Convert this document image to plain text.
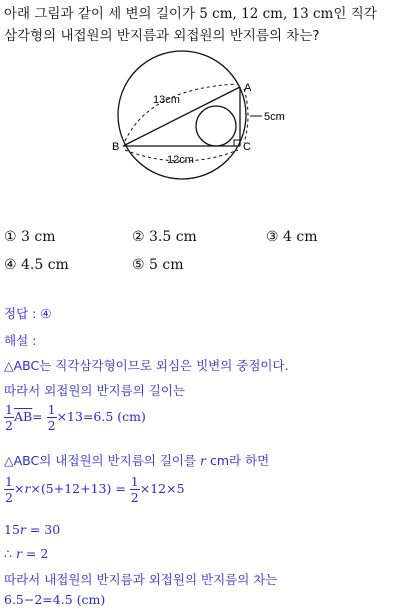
아래 그림과 같이 세 변의 길이가 5 cm, 12 cm, 13 cm인 직각
삼각형의 내접원의 반지름과 외접원의 반지름의 차는?
A
B	C
13cm
12cm
5cm
① 3 cm	② 3.5 cm	③ 4 cm
④ 4.5 cm	⑤ 5 cm
정답 : ④
해설 :
△ABC는 직각삼각형이므로 외심은 빗변의 중점이다.
따라서 외접원의 반지름의 길이는
$\frac{1}{2} \overline{AB}= \frac{1}{2} \times 13=6.5$ (cm)
△ABC의 내접원의 반지름의 길이를 r cm라 하면
$\frac{1}{2} \times r\times(5+12+13) = \frac{1}{2} \times 12\times 5$
15r = 30
∴ r = 2
따라서 내접원의 반지름과 외접원의 반지름의 차는
6.5−2=4.5 (cm)
